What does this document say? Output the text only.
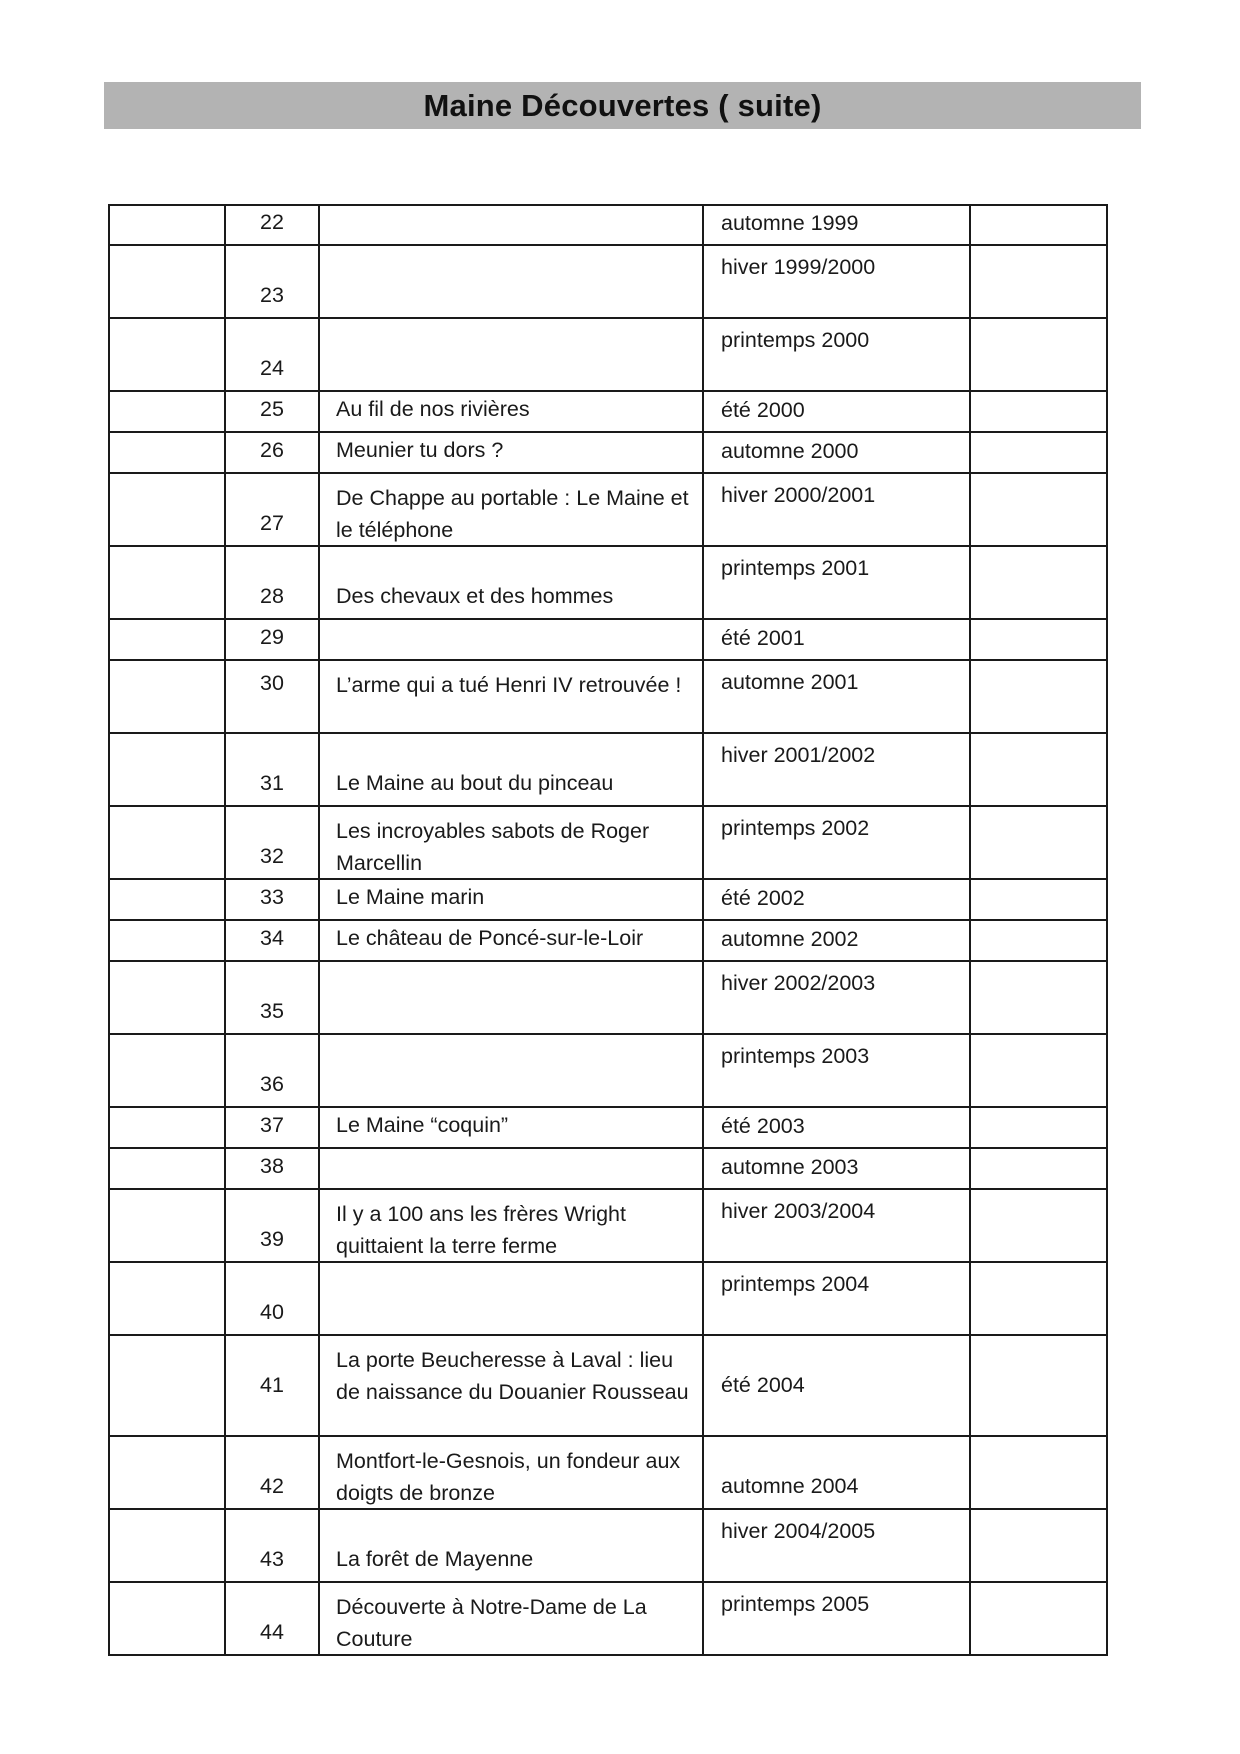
Maine Découvertes ( suite)

	22		automne 1999	

	23		hiver 1999/2000	

	24		printemps 2000	

	25	Au fil de nos rivières	été 2000	

	26	Meunier tu dors ?	automne 2000	

	27	De Chappe au portable : Le Maine et le téléphone	hiver 2000/2001	

	28	Des chevaux et des hommes	printemps 2001	

	29		été 2001	

	30	L’arme qui a tué Henri IV retrouvée !	automne 2001	

	31	Le Maine au bout du pinceau	hiver 2001/2002	

	32	Les incroyables sabots de Roger Marcellin	printemps 2002	

	33	Le Maine marin	été 2002	

	34	Le château de Poncé-sur-le-Loir	automne 2002	

	35		hiver 2002/2003	

	36		printemps 2003	

	37	Le Maine “coquin”	été 2003	

	38		automne 2003	

	39	Il y a 100 ans les frères Wright quittaient la terre ferme	hiver 2003/2004	

	40		printemps 2004	

	41	La porte Beucheresse à Laval : lieu de naissance du Douanier Rousseau	été 2004	

	42	Montfort-le-Gesnois, un fondeur aux doigts de bronze	automne 2004	

	43	La forêt de Mayenne	hiver 2004/2005	

	44	Découverte à Notre-Dame de La Couture	printemps 2005	
